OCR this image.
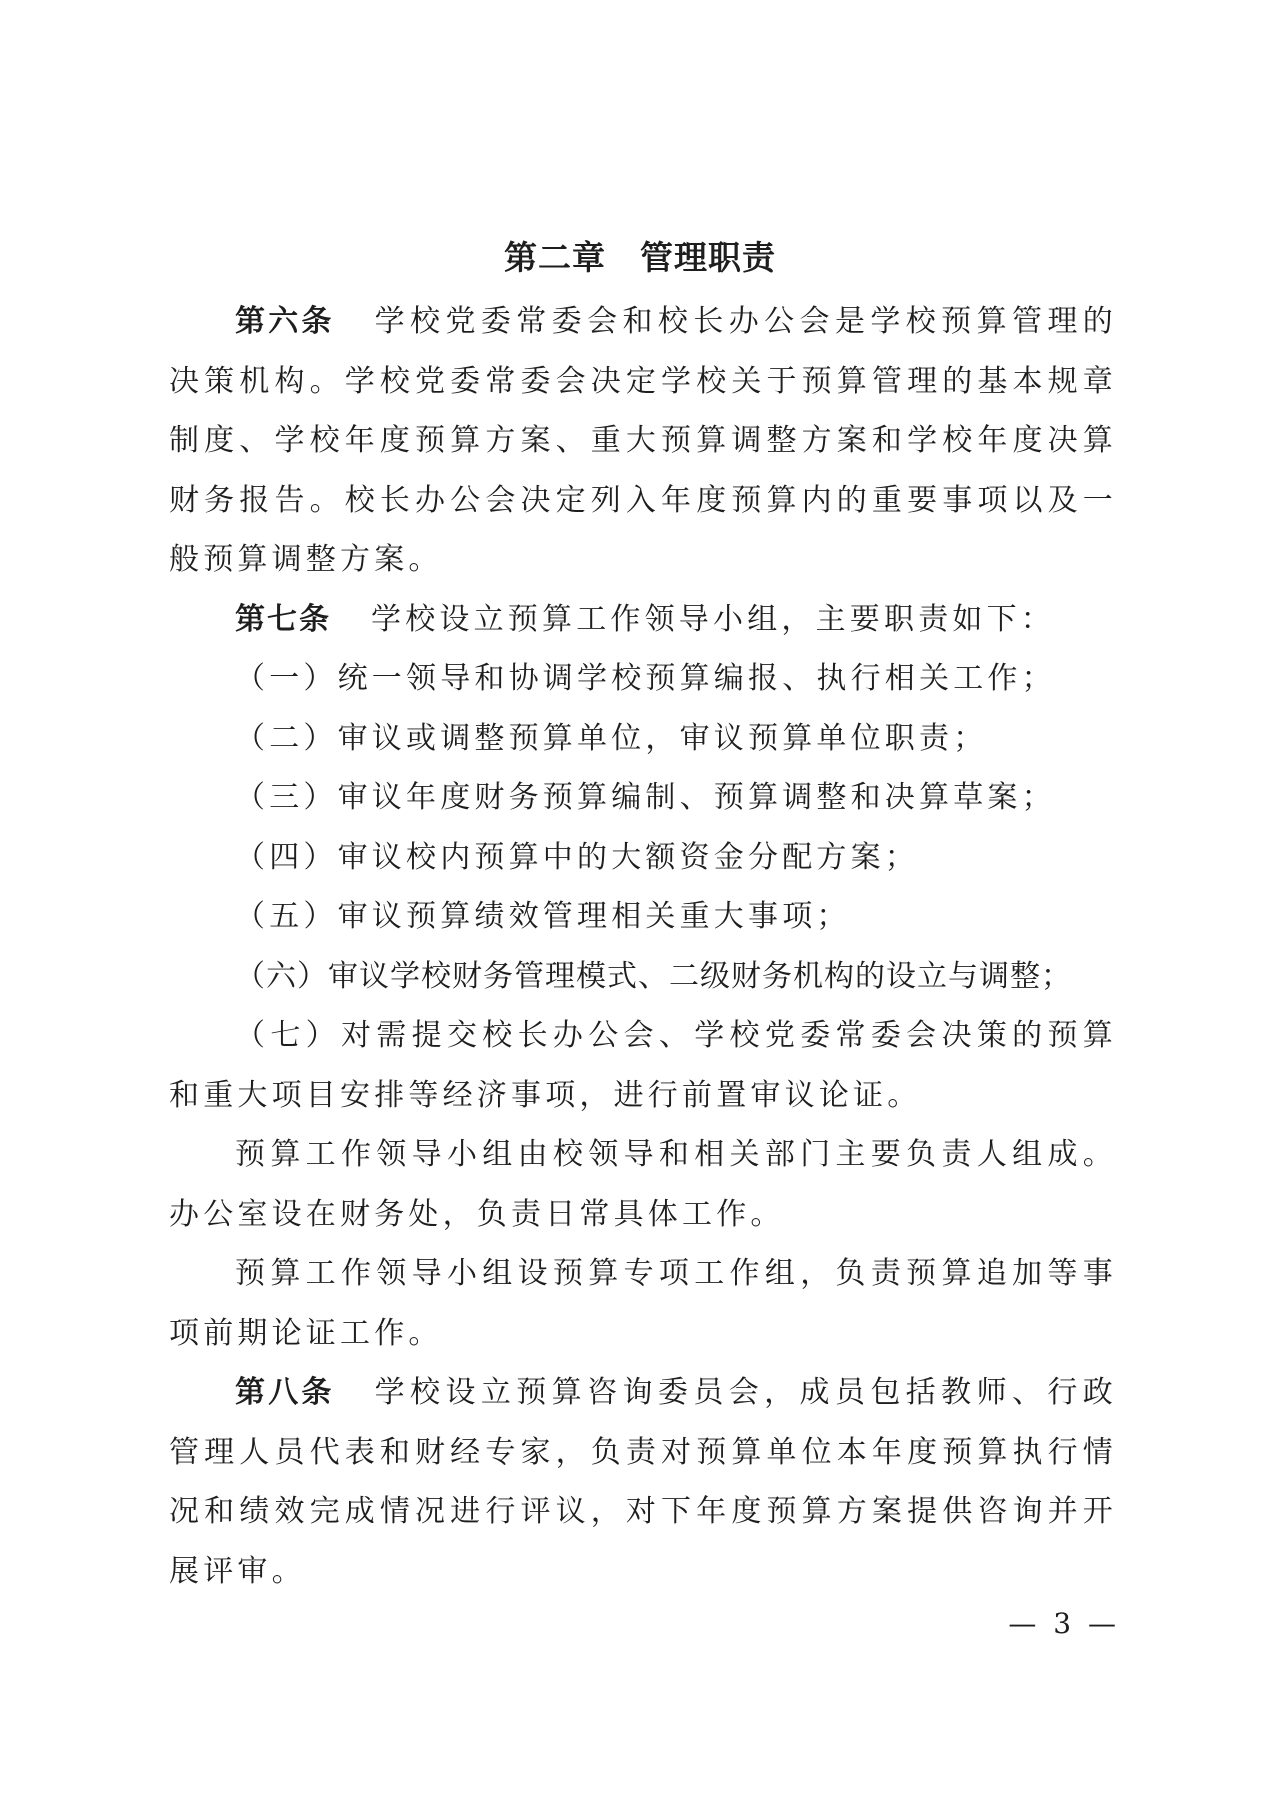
第二章　管理职责

第六条 学校党委常委会和校长办公会是学校预算管理的决策机构。学校党委常委会决定学校关于预算管理的基本规章制度、学校年度预算方案、重大预算调整方案和学校年度决算财务报告。校长办公会决定列入年度预算内的重要事项以及一般预算调整方案。

第七条 学校设立预算工作领导小组，主要职责如下：

（一）统一领导和协调学校预算编报、执行相关工作；

（二）审议或调整预算单位，审议预算单位职责；

（三）审议年度财务预算编制、预算调整和决算草案；

（四）审议校内预算中的大额资金分配方案；

（五）审议预算绩效管理相关重大事项；

（六）审议学校财务管理模式、二级财务机构的设立与调整；

（七）对需提交校长办公会、学校党委常委会决策的预算和重大项目安排等经济事项，进行前置审议论证。

预算工作领导小组由校领导和相关部门主要负责人组成。办公室设在财务处，负责日常具体工作。

预算工作领导小组设预算专项工作组，负责预算追加等事项前期论证工作。

第八条 学校设立预算咨询委员会，成员包括教师、行政管理人员代表和财经专家，负责对预算单位本年度预算执行情况和绩效完成情况进行评议，对下年度预算方案提供咨询并开展评审。

— 3 —
